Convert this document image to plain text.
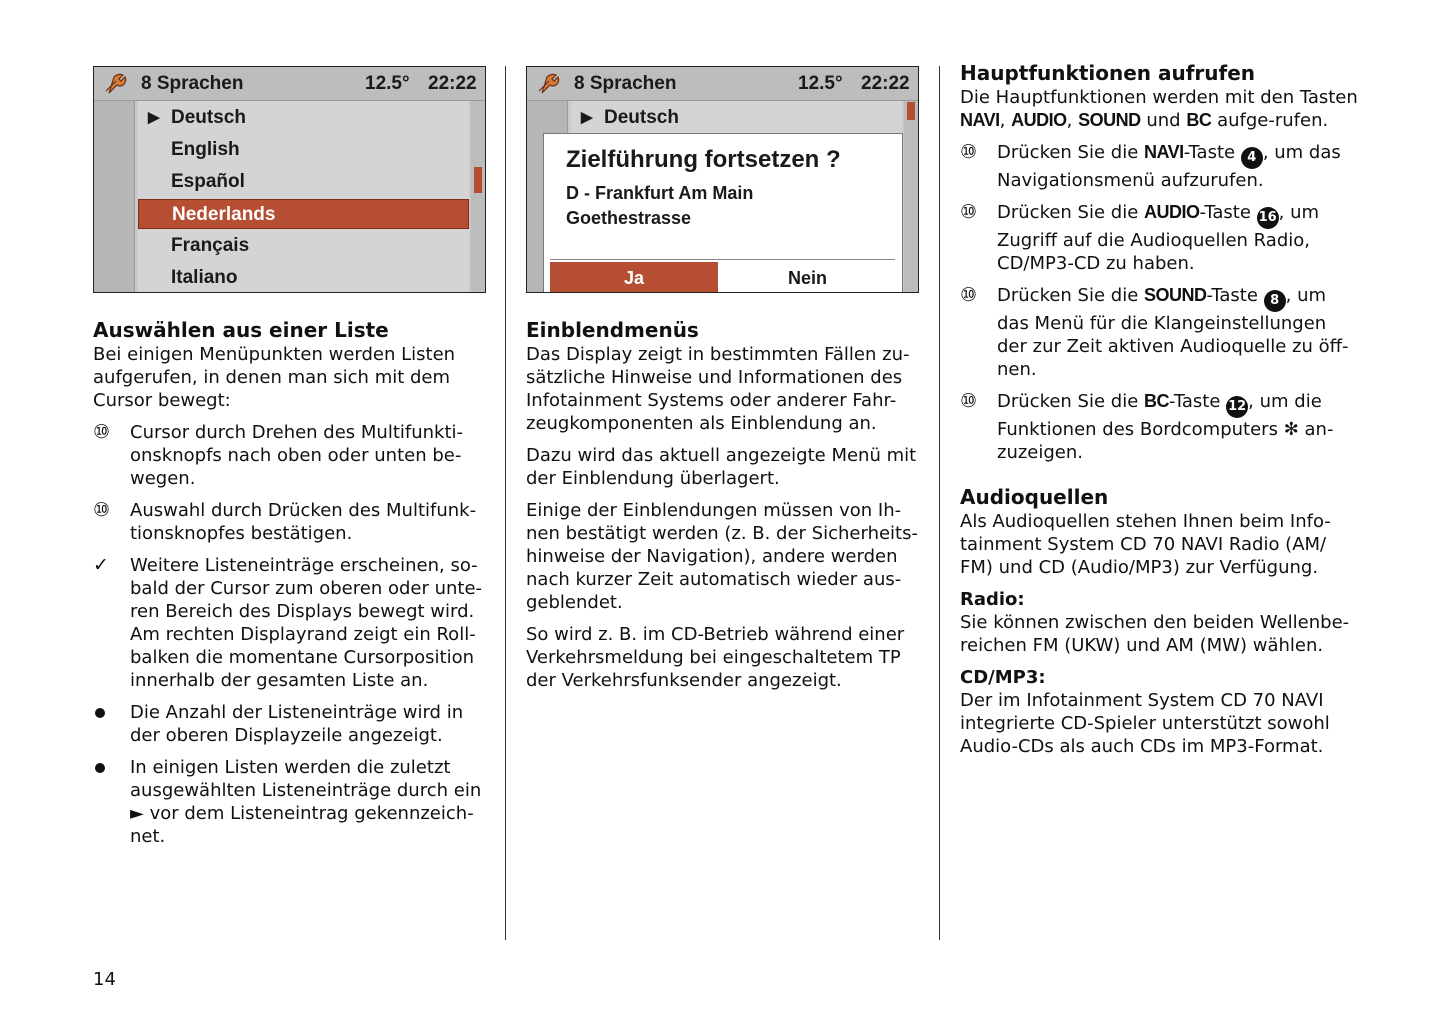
8 Sprachen	12.5° 22:22
▶ Deutsch
English
Español
Nederlands
Français
Italiano
Auswählen aus einer Liste

Bei einigen Menüpunkten werden Listen aufgerufen, in denen man sich mit dem Cursor bewegt:

⑩	Cursor durch Drehen des Multifunkti-onsknopfs nach oben oder unten be-wegen.
⑩	Auswahl durch Drücken des Multifunk-tionsknopfes bestätigen.
✓	Weitere Listeneinträge erscheinen, so-bald der Cursor zum oberen oder unte-ren Bereich des Displays bewegt wird. Am rechten Displayrand zeigt ein Roll-balken die momentane Cursorposition innerhalb der gesamten Liste an.
Die Anzahl der Listeneinträge wird in der oberen Displayzeile angezeigt.
In einigen Listen werden die zuletzt ausgewählten Listeneinträge durch ein ► vor dem Listeneintrag gekennzeich-net.
8 Sprachen	12.5° 22:22
▶ Deutsch
Zielführung fortsetzen ?
D - Frankfurt Am Main
Goethestrasse
Ja	Nein
Einblendmenüs

Das Display zeigt in bestimmten Fällen zu-sätzliche Hinweise und Informationen des Infotainment Systems oder anderer Fahr-zeugkomponenten als Einblendung an.

Dazu wird das aktuell angezeigte Menü mit der Einblendung überlagert.

Einige der Einblendungen müssen von Ih-nen bestätigt werden (z. B. der Sicherheits-hinweise der Navigation), andere werden nach kurzer Zeit automatisch wieder aus-geblendet.

So wird z. B. im CD-Betrieb während einer Verkehrsmeldung bei eingeschaltetem TP der Verkehrsfunksender angezeigt.

Hauptfunktionen aufrufen

Die Hauptfunktionen werden mit den Tasten NAVI, AUDIO, SOUND und BC aufge-rufen.

⑩	Drücken Sie die NAVI-Taste 4 , um das Navigationsmenü aufzurufen.
⑩	Drücken Sie die AUDIO-Taste 16 , um Zugriff auf die Audioquellen Radio, CD/MP3-CD zu haben.
⑩	Drücken Sie die SOUND-Taste 8 , um das Menü für die Klangeinstellungen der zur Zeit aktiven Audioquelle zu öff-nen.
⑩	Drücken Sie die BC-Taste 12 , um die Funktionen des Bordcomputers ✻ an-zuzeigen.
Audioquellen

Als Audioquellen stehen Ihnen beim Info-tainment System CD 70 NAVI Radio (AM/ FM) und CD (Audio/MP3) zur Verfügung.

Radio:

Sie können zwischen den beiden Wellenbe-reichen FM (UKW) und AM (MW) wählen.

CD/MP3:

Der im Infotainment System CD 70 NAVI integrierte CD-Spieler unterstützt sowohl Audio-CDs als auch CDs im MP3-Format.

14
